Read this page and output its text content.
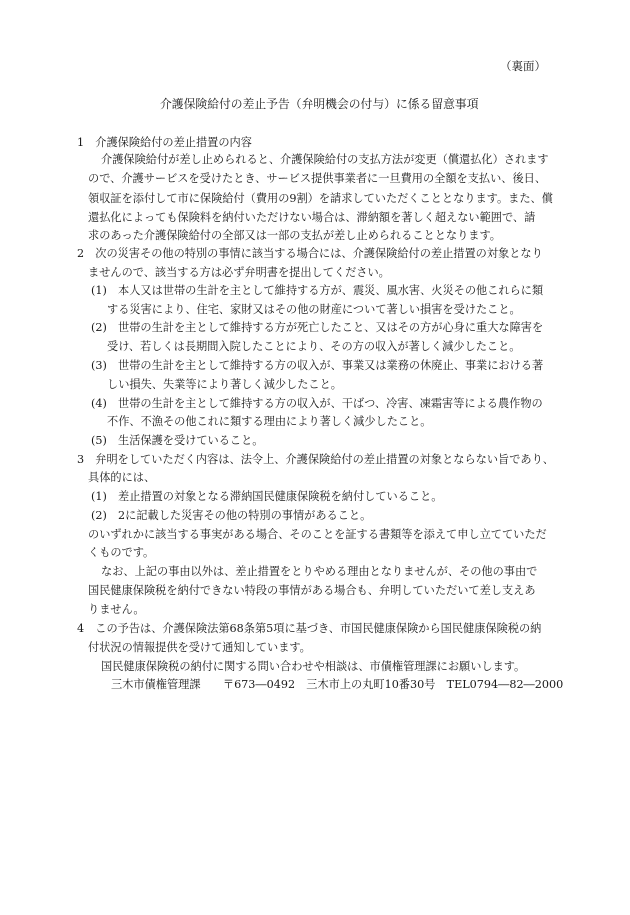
（裏面）
介護保険給付の差止予告（弁明機会の付与）に係る留意事項
1　介護保険給付の差止措置の内容
介護保険給付が差し止められると、介護保険給付の支払方法が変更（償還払化）されます
ので、介護サービスを受けたとき、サービス提供事業者に一旦費用の全額を支払い、後日、
領収証を添付して市に保険給付（費用の9割）を請求していただくこととなります。また、償
還払化によっても保険料を納付いただけない場合は、滞納額を著しく超えない範囲で、請
求のあった介護保険給付の全部又は一部の支払が差し止められることとなります。
2　次の災害その他の特別の事情に該当する場合には、介護保険給付の差止措置の対象となり
ませんので、該当する方は必ず弁明書を提出してください。
(1)　本人又は世帯の生計を主として維持する方が、震災、風水害、火災その他これらに類
する災害により、住宅、家財又はその他の財産について著しい損害を受けたこと。
(2)　世帯の生計を主として維持する方が死亡したこと、又はその方が心身に重大な障害を
受け、若しくは長期間入院したことにより、その方の収入が著しく減少したこと。
(3)　世帯の生計を主として維持する方の収入が、事業又は業務の休廃止、事業における著
しい損失、失業等により著しく減少したこと。
(4)　世帯の生計を主として維持する方の収入が、干ばつ、冷害、凍霜害等による農作物の
不作、不漁その他これに類する理由により著しく減少したこと。
(5)　生活保護を受けていること。
3　弁明をしていただく内容は、法令上、介護保険給付の差止措置の対象とならない旨であり、
具体的には、
(1)　差止措置の対象となる滞納国民健康保険税を納付していること。
(2)　2に記載した災害その他の特別の事情があること。
のいずれかに該当する事実がある場合、そのことを証する書類等を添えて申し立てていただ
くものです。
なお、上記の事由以外は、差止措置をとりやめる理由となりませんが、その他の事由で
国民健康保険税を納付できない特段の事情がある場合も、弁明していただいて差し支えあ
りません。
4　この予告は、介護保険法第68条第5項に基づき、市国民健康保険から国民健康保険税の納
付状況の情報提供を受けて通知しています。
国民健康保険税の納付に関する問い合わせや相談は、市債権管理課にお願いします。
三木市債権管理課　　〒673―0492　三木市上の丸町10番30号　TEL0794―82―2000
